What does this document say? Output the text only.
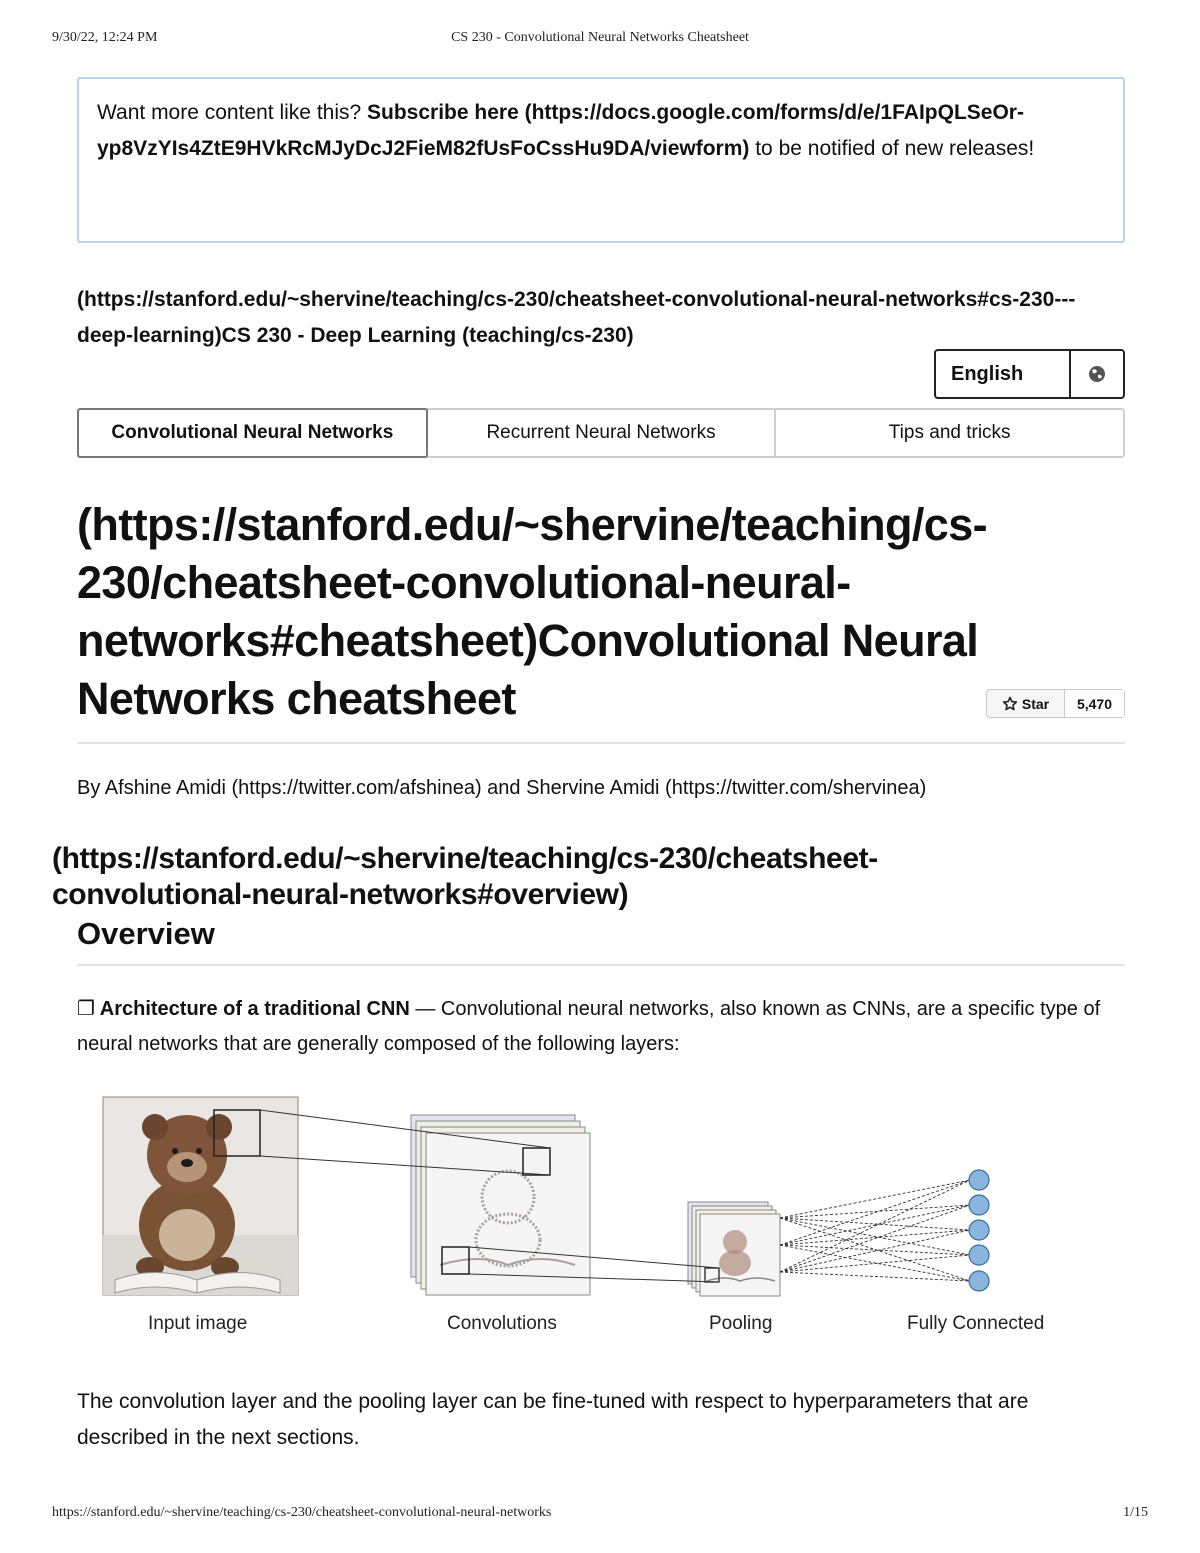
9/30/22, 12:24 PM	CS 230 - Convolutional Neural Networks Cheatsheet
Want more content like this? Subscribe here (https://docs.google.com/forms/d/e/1FAIpQLSeOr-yp8VzYIs4ZtE9HVkRcMJyDcJ2FieM82fUsFoCssHu9DA/viewform) to be notified of new releases!
(https://stanford.edu/~shervine/teaching/cs-230/cheatsheet-convolutional-neural-networks#cs-230---deep-learning)CS 230 - Deep Learning (teaching/cs-230)
English
Convolutional Neural Networks	Recurrent Neural Networks	Tips and tricks
(https://stanford.edu/~shervine/teaching/cs-230/cheatsheet-convolutional-neural-networks#cheatsheet)Convolutional Neural Networks cheatsheet	Star	5,470
By Afshine Amidi (https://twitter.com/afshinea) and Shervine Amidi (https://twitter.com/shervinea)
(https://stanford.edu/~shervine/teaching/cs-230/cheatsheet-convolutional-neural-networks#overview)
Overview

❐ Architecture of a traditional CNN — Convolutional neural networks, also known as CNNs, are a specific type of neural networks that are generally composed of the following layers:

Input image	Convolutions	Pooling	Fully Connected

The convolution layer and the pooling layer can be fine-tuned with respect to hyperparameters that are described in the next sections.

https://stanford.edu/~shervine/teaching/cs-230/cheatsheet-convolutional-neural-networks	1/15
